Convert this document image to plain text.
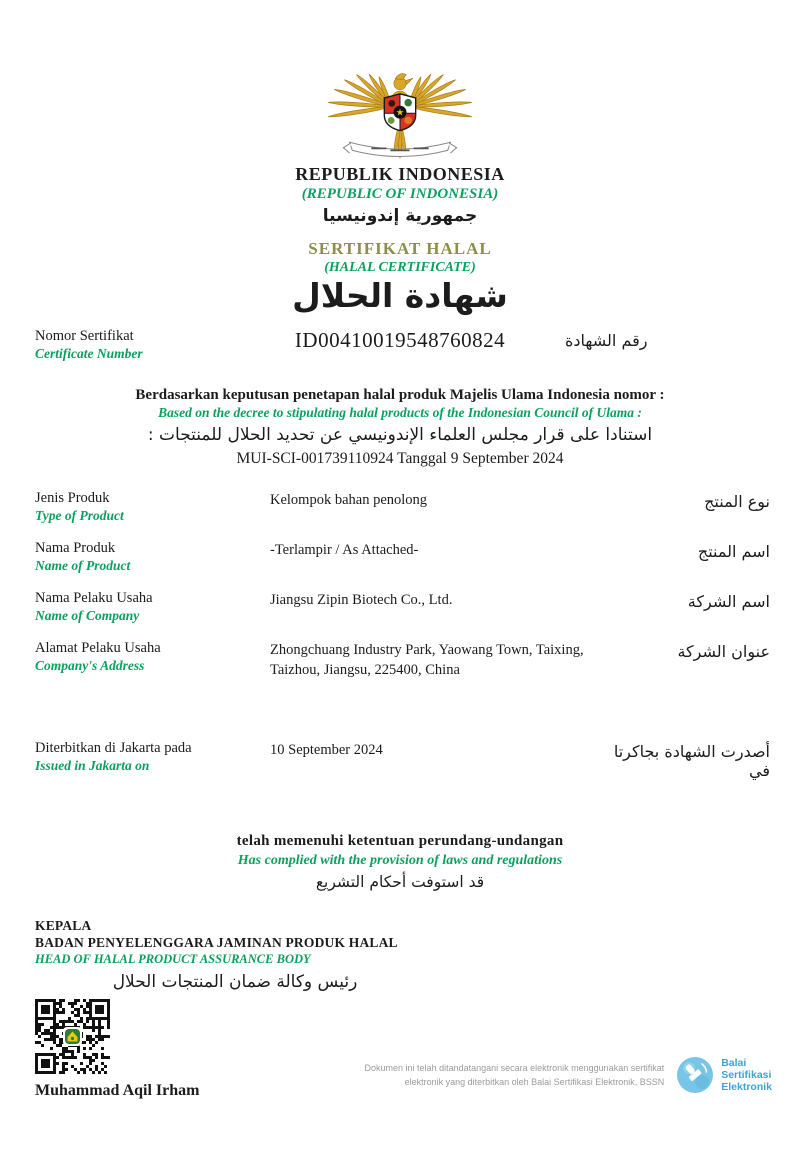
★
REPUBLIK INDONESIA
(REPUBLIC OF INDONESIA)
جمهورية إندونيسيا
SERTIFIKAT HALAL
(HALAL CERTIFICATE)
شهادة الحلال
Nomor Sertifikat
Certificate Number
ID00410019548760824	رقم الشهادة
Berdasarkan keputusan penetapan halal produk Majelis Ulama Indonesia nomor :
Based on the decree to stipulating halal products of the Indonesian Council of Ulama :
استنادا على قرار مجلس العلماء الإندونيسي عن تحديد الحلال للمنتجات :
MUI-SCI-001739110924 Tanggal 9 September 2024
Jenis Produk
Type of Product
Kelompok bahan penolong	نوع المنتج
Nama Produk
Name of Product
-Terlampir / As Attached-	اسم المنتج
Nama Pelaku Usaha
Name of Company
Jiangsu Zipin Biotech Co., Ltd.	اسم الشركة
Alamat Pelaku Usaha
Company's Address
Zhongchuang Industry Park, Yaowang Town, Taixing, Taizhou, Jiangsu, 225400, China
عنوان الشركة
Diterbitkan di Jakarta pada
Issued in Jakarta on
10 September 2024	أصدرت الشهادة بجاكرتا في
telah memenuhi ketentuan perundang-undangan
Has complied with the provision of laws and regulations
قد استوفت أحكام التشريع
KEPALA
BADAN PENYELENGGARA JAMINAN PRODUK HALAL
HEAD OF HALAL PRODUCT ASSURANCE BODY
رئيس وكالة ضمان المنتجات الحلال
Muhammad Aqil Irham
Dokumen ini telah ditandatangani secara elektronik menggunakan sertifikat
elektronik yang diterbitkan oleh Balai Sertifikasi Elektronik, BSSN
Balai
Sertifikasi
Elektronik
